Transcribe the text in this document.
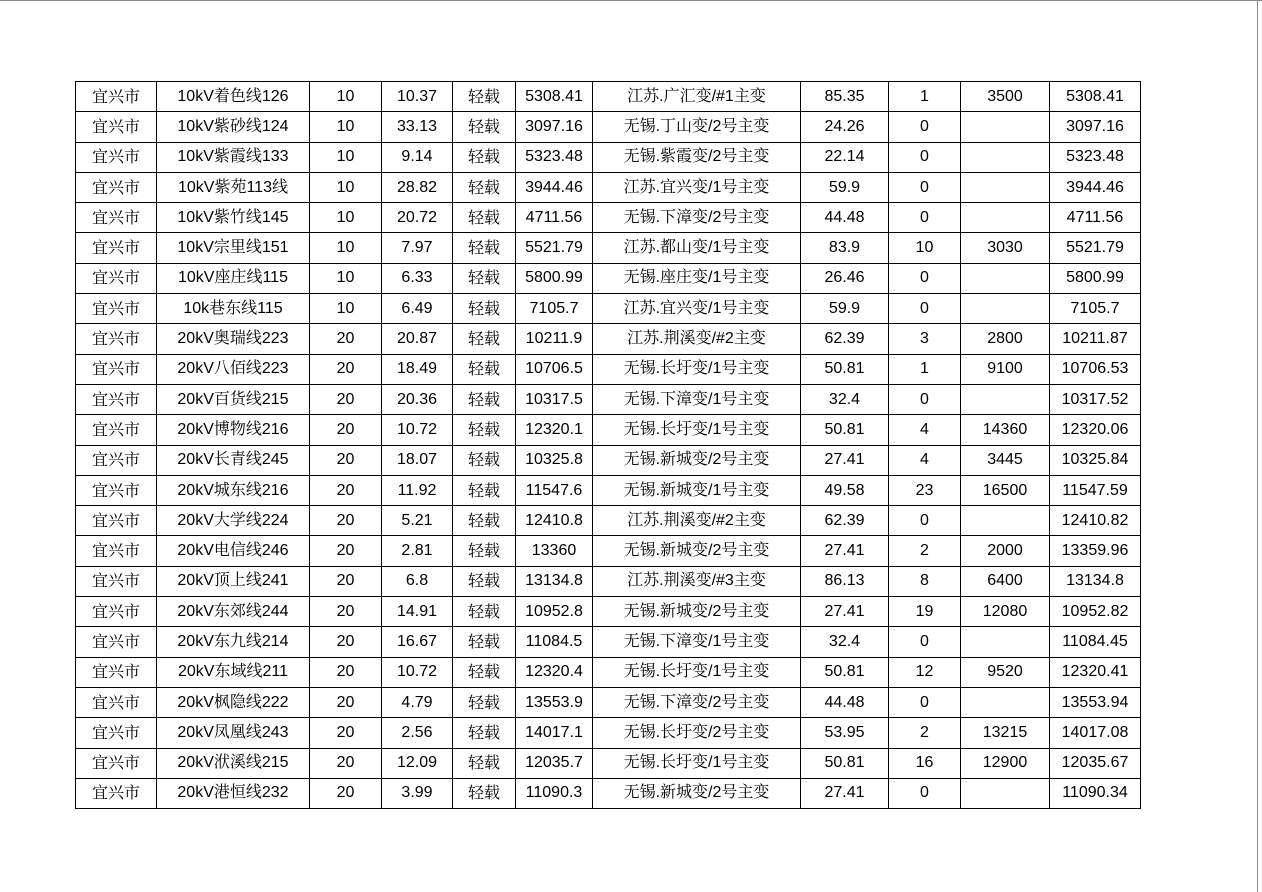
宜兴市	10kV着色线126	10	10.37	轻载	5308.41	江苏.广汇变/#1主变	85.35	1	3500	5308.41
宜兴市	10kV紫砂线124	10	33.13	轻载	3097.16	无锡.丁山变/2号主变	24.26	0		3097.16
宜兴市	10kV紫霞线133	10	9.14	轻载	5323.48	无锡.紫霞变/2号主变	22.14	0		5323.48
宜兴市	10kV紫苑113线	10	28.82	轻载	3944.46	江苏.宜兴变/1号主变	59.9	0		3944.46
宜兴市	10kV紫竹线145	10	20.72	轻载	4711.56	无锡.下漳变/2号主变	44.48	0		4711.56
宜兴市	10kV宗里线151	10	7.97	轻载	5521.79	江苏.都山变/1号主变	83.9	10	3030	5521.79
宜兴市	10kV座庄线115	10	6.33	轻载	5800.99	无锡.座庄变/1号主变	26.46	0		5800.99
宜兴市	10k巷东线115	10	6.49	轻载	7105.7	江苏.宜兴变/1号主变	59.9	0		7105.7
宜兴市	20kV奥瑞线223	20	20.87	轻载	10211.9	江苏.荆溪变/#2主变	62.39	3	2800	10211.87
宜兴市	20kV八佰线223	20	18.49	轻载	10706.5	无锡.长圩变/1号主变	50.81	1	9100	10706.53
宜兴市	20kV百货线215	20	20.36	轻载	10317.5	无锡.下漳变/1号主变	32.4	0		10317.52
宜兴市	20kV博物线216	20	10.72	轻载	12320.1	无锡.长圩变/1号主变	50.81	4	14360	12320.06
宜兴市	20kV长青线245	20	18.07	轻载	10325.8	无锡.新城变/2号主变	27.41	4	3445	10325.84
宜兴市	20kV城东线216	20	11.92	轻载	11547.6	无锡.新城变/1号主变	49.58	23	16500	11547.59
宜兴市	20kV大学线224	20	5.21	轻载	12410.8	江苏.荆溪变/#2主变	62.39	0		12410.82
宜兴市	20kV电信线246	20	2.81	轻载	13360	无锡.新城变/2号主变	27.41	2	2000	13359.96
宜兴市	20kV顶上线241	20	6.8	轻载	13134.8	江苏.荆溪变/#3主变	86.13	8	6400	13134.8
宜兴市	20kV东郊线244	20	14.91	轻载	10952.8	无锡.新城变/2号主变	27.41	19	12080	10952.82
宜兴市	20kV东九线214	20	16.67	轻载	11084.5	无锡.下漳变/1号主变	32.4	0		11084.45
宜兴市	20kV东域线211	20	10.72	轻载	12320.4	无锡.长圩变/1号主变	50.81	12	9520	12320.41
宜兴市	20kV枫隐线222	20	4.79	轻载	13553.9	无锡.下漳变/2号主变	44.48	0		13553.94
宜兴市	20kV凤凰线243	20	2.56	轻载	14017.1	无锡.长圩变/2号主变	53.95	2	13215	14017.08
宜兴市	20kV洑溪线215	20	12.09	轻载	12035.7	无锡.长圩变/1号主变	50.81	16	12900	12035.67
宜兴市	20kV港恒线232	20	3.99	轻载	11090.3	无锡.新城变/2号主变	27.41	0		11090.34
